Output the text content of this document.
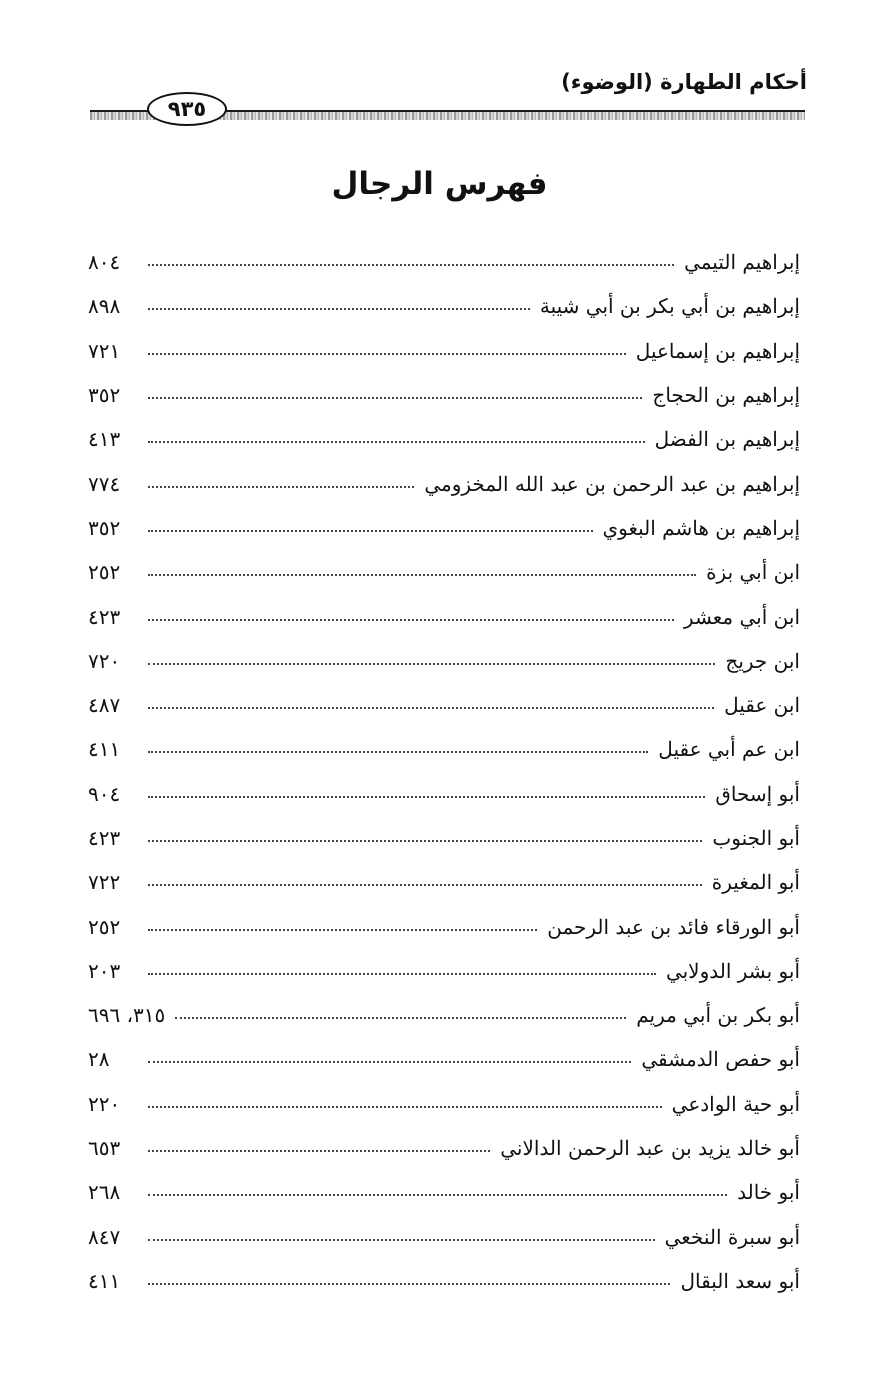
أحكام الطهارة (الوضوء)
٩٣٥
فهرس الرجال
إبراهيم التيمي
٨٠٤
إبراهيم بن أبي بكر بن أبي شيبة
٨٩٨
إبراهيم بن إسماعيل
٧٢١
إبراهيم بن الحجاج
٣٥٢
إبراهيم بن الفضل
٤١٣
إبراهيم بن عبد الرحمن بن عبد الله المخزومي
٧٧٤
إبراهيم بن هاشم البغوي
٣٥٢
ابن أبي بزة
٢٥٢
ابن أبي معشر
٤٢٣
ابن جريج
٧٢٠
ابن عقيل
٤٨٧
ابن عم أبي عقيل
٤١١
أبو إسحاق
٩٠٤
أبو الجنوب
٤٢٣
أبو المغيرة
٧٢٢
أبو الورقاء فائد بن عبد الرحمن
٢٥٢
أبو بشر الدولابي
٢٠٣
أبو بكر بن أبي مريم
٣١٥، ٦٩٦
أبو حفص الدمشقي
٢٨
أبو حية الوادعي
٢٢٠
أبو خالد يزيد بن عبد الرحمن الدالاني
٦٥٣
أبو خالد
٢٦٨
أبو سبرة النخعي
٨٤٧
أبو سعد البقال
٤١١
